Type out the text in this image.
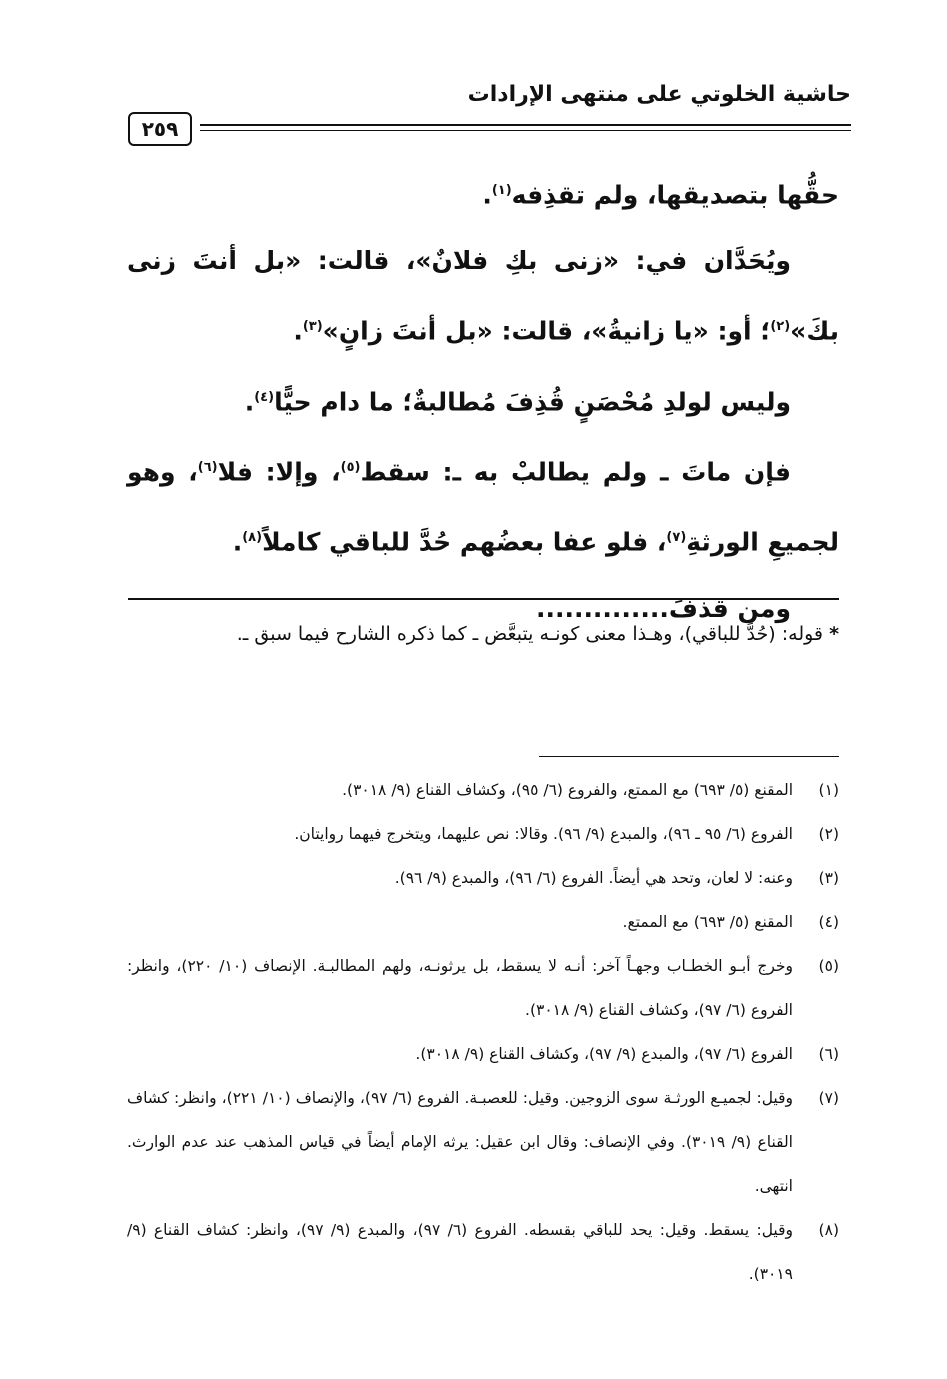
حاشية الخلوتي على منتهى الإرادات
٢٥٩

حقُّها بتصديقها، ولم تقذِفه$^{(١)}$.

ويُحَدَّان في: «زنى بكِ فلانٌ»، قالت: «بل أنتَ زنى بكَ»$^{(٢)}$؛ أو: «يا زانيةُ»، قالت: «بل أنتَ زانٍ»$^{(٣)}$.

وليس لولدِ مُحْصَنٍ قُذِفَ مُطالبةٌ؛ ما دام حيًّا$^{(٤)}$.

فإن ماتَ ـ ولم يطالبْ به ـ: سقط$^{(٥)}$، وإلا: فلا$^{(٦)}$، وهو لجميعِ الورثةِ$^{(٧)}$، فلو عفا بعضُهم حُدَّ للباقي كاملاً$^{(٨)}$.

ومن قذفَ..............

* قوله: (حُدَّ للباقي)، وهـذا معنى كونـه يتبعَّض ـ كما ذكره الشارح فيما سبق ـ.

(١)
المقنع (٥/ ٦٩٣) مع الممتع، والفروع (٦/ ٩٥)، وكشاف القناع (٩/ ٣٠١٨).
(٢)
الفروع (٦/ ٩٥ ـ ٩٦)، والمبدع (٩/ ٩٦). وقالا: نص عليهما، ويتخرج فيهما روايتان.
(٣)
وعنه: لا لعان، وتحد هي أيضاً. الفروع (٦/ ٩٦)، والمبدع (٩/ ٩٦).
(٤)
المقنع (٥/ ٦٩٣) مع الممتع.
(٥)
وخرج أبـو الخطـاب وجهـاً آخر: أنـه لا يسقط، بل يرثونـه، ولهم المطالبـة. الإنصاف (١٠/ ٢٢٠)، وانظر: الفروع (٦/ ٩٧)، وكشاف القناع (٩/ ٣٠١٨).
(٦)
الفروع (٦/ ٩٧)، والمبدع (٩/ ٩٧)، وكشاف القناع (٩/ ٣٠١٨).
(٧)
وقيل: لجميـع الورثـة سوى الزوجين. وقيل: للعصبـة. الفروع (٦/ ٩٧)، والإنصاف (١٠/ ٢٢١)، وانظر: كشاف القناع (٩/ ٣٠١٩). وفي الإنصاف: وقال ابن عقيل: يرثه الإمام أيضاً في قياس المذهب عند عدم الوارث. انتهى.
(٨)
وقيل: يسقط. وقيل: يحد للباقي بقسطه. الفروع (٦/ ٩٧)، والمبدع (٩/ ٩٧)، وانظر: كشاف القناع (٩/ ٣٠١٩).
